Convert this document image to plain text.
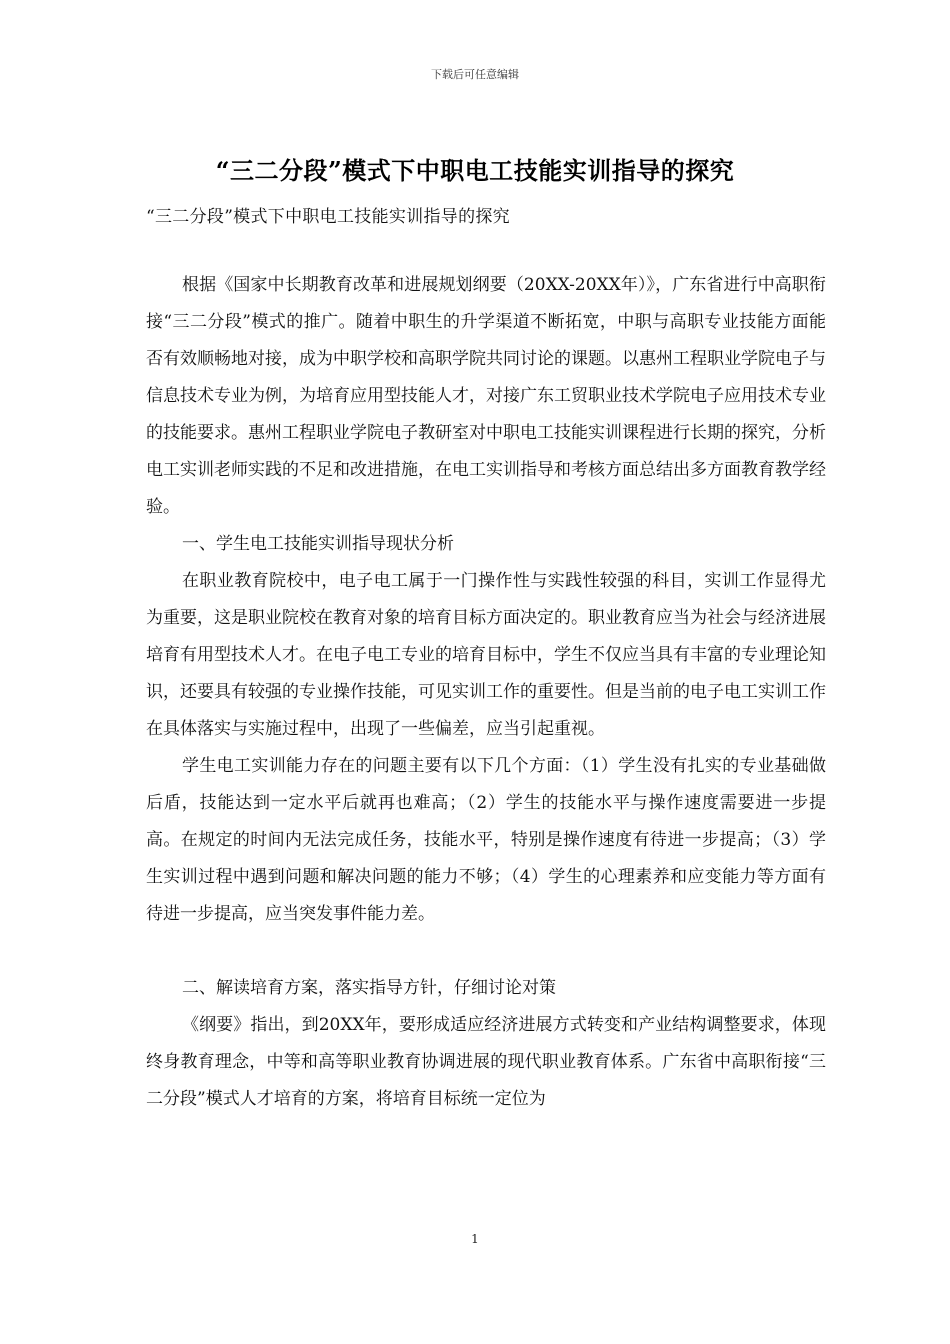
下载后可任意编辑
“三二分段”模式下中职电工技能实训指导的探究
“三二分段”模式下中职电工技能实训指导的探究

根据《国家中长期教育改革和进展规划纲要（20XX-20XX年）》，广东省进行中高职衔接“三二分段”模式的推广。随着中职生的升学渠道不断拓宽，中职与高职专业技能方面能否有效顺畅地对接，成为中职学校和高职学院共同讨论的课题。以惠州工程职业学院电子与信息技术专业为例，为培育应用型技能人才，对接广东工贸职业技术学院电子应用技术专业的技能要求。惠州工程职业学院电子教研室对中职电工技能实训课程进行长期的探究，分析电工实训老师实践的不足和改进措施，在电工实训指导和考核方面总结出多方面教育教学经验。

一、学生电工技能实训指导现状分析

在职业教育院校中，电子电工属于一门操作性与实践性较强的科目，实训工作显得尤为重要，这是职业院校在教育对象的培育目标方面决定的。职业教育应当为社会与经济进展培育有用型技术人才。在电子电工专业的培育目标中，学生不仅应当具有丰富的专业理论知识，还要具有较强的专业操作技能，可见实训工作的重要性。但是当前的电子电工实训工作在具体落实与实施过程中，出现了一些偏差，应当引起重视。

学生电工实训能力存在的问题主要有以下几个方面：（1）学生没有扎实的专业基础做后盾，技能达到一定水平后就再也难高；（2）学生的技能水平与操作速度需要进一步提高。在规定的时间内无法完成任务，技能水平，特别是操作速度有待进一步提高；（3）学生实训过程中遇到问题和解决问题的能力不够；（4）学生的心理素养和应变能力等方面有待进一步提高，应当突发事件能力差。

二、解读培育方案，落实指导方针，仔细讨论对策

《纲要》指出，到20XX年，要形成适应经济进展方式转变和产业结构调整要求，体现终身教育理念，中等和高等职业教育协调进展的现代职业教育体系。广东省中高职衔接“三二分段”模式人才培育的方案，将培育目标统一定位为

1
